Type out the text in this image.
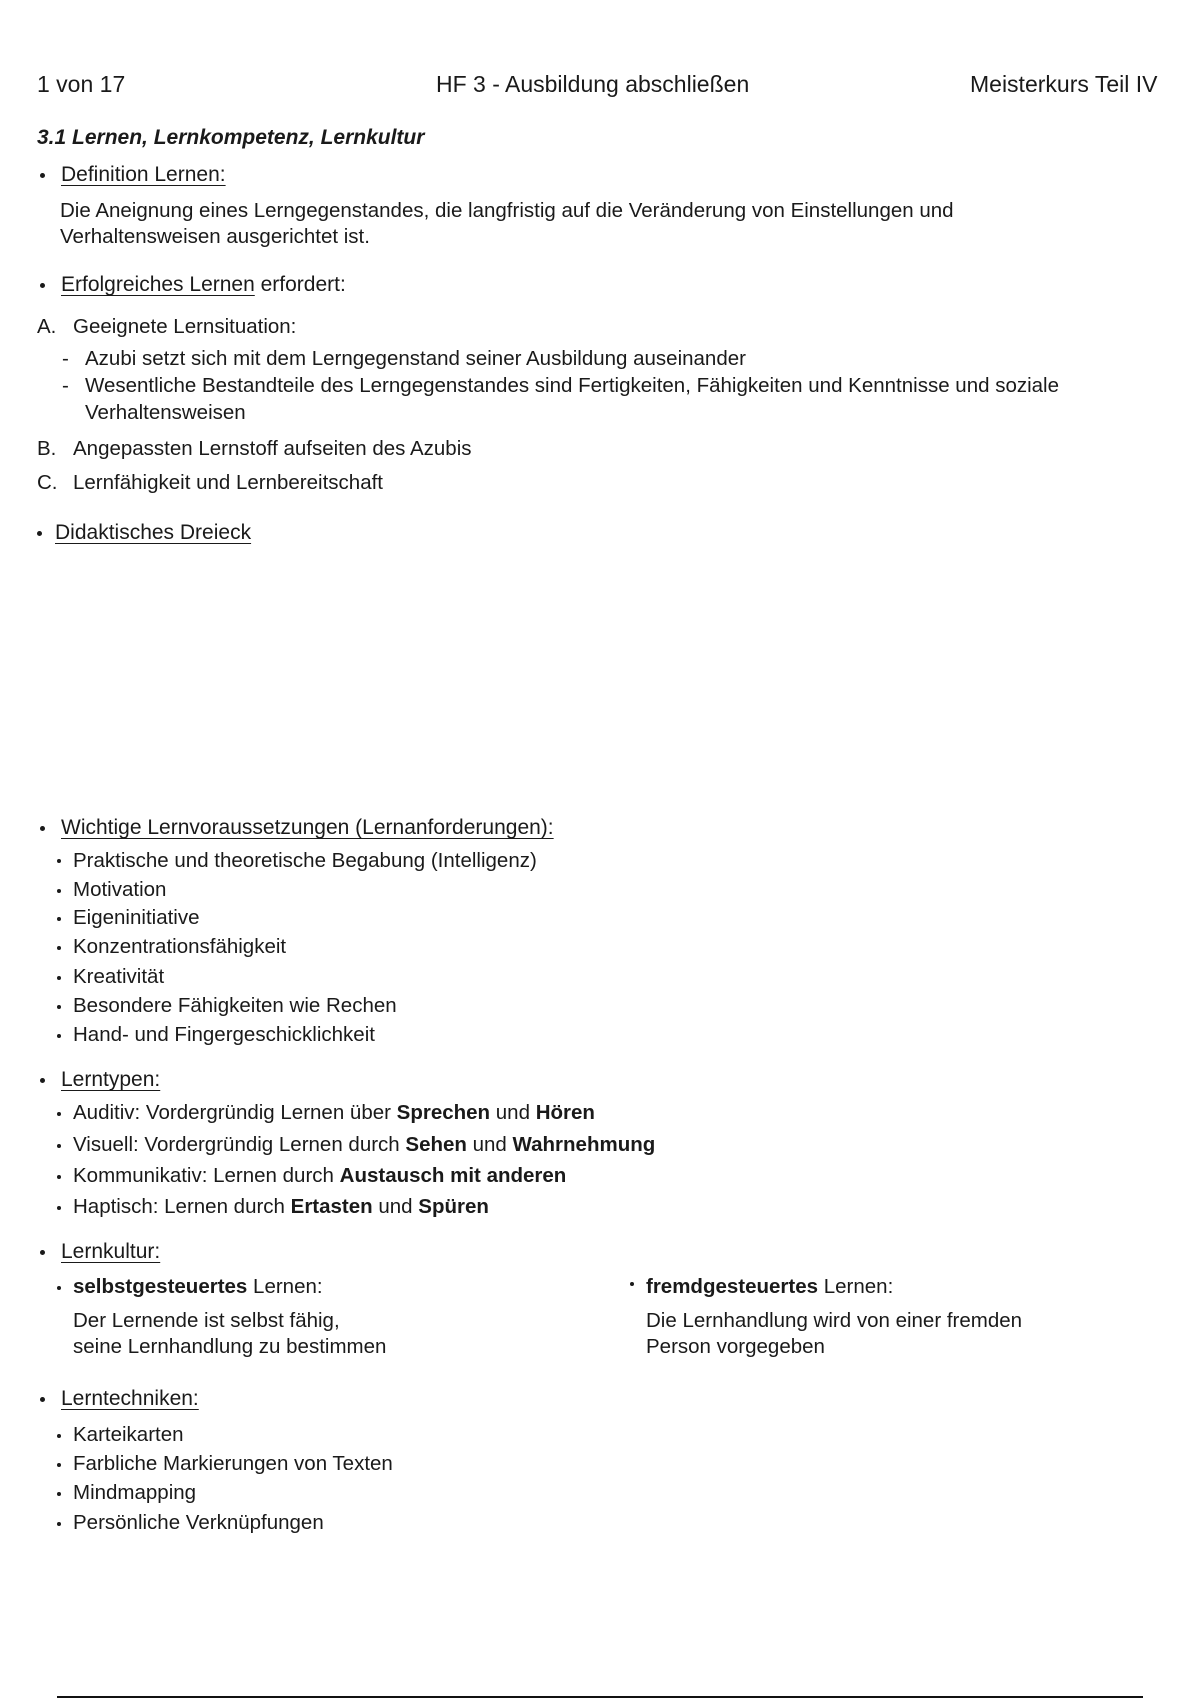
1 von 17	HF 3 - Ausbildung abschließen	Meisterkurs Teil IV
3.1 Lernen, Lernkompetenz, Lernkultur
Definition Lernen:
Die Aneignung eines Lerngegenstandes, die langfristig auf die Veränderung von Einstellungen und
Verhaltensweisen ausgerichtet ist.
Erfolgreiches Lernen erfordert:
A. Geeignete Lernsituation:
- Azubi setzt sich mit dem Lerngegenstand seiner Ausbildung auseinander
- Wesentliche Bestandteile des Lerngegenstandes sind Fertigkeiten, Fähigkeiten und Kenntnisse und soziale
Verhaltensweisen
B. Angepassten Lernstoff aufseiten des Azubis
C. Lernfähigkeit und Lernbereitschaft
Didaktisches Dreieck
Wichtige Lernvoraussetzungen (Lernanforderungen):
Praktische und theoretische Begabung (Intelligenz)
Motivation
Eigeninitiative
Konzentrationsfähigkeit
Kreativität
Besondere Fähigkeiten wie Rechen
Hand- und Fingergeschicklichkeit
Lerntypen:
Auditiv: Vordergründig Lernen über Sprechen und Hören
Visuell: Vordergründig Lernen durch Sehen und Wahrnehmung
Kommunikativ: Lernen durch Austausch mit anderen
Haptisch: Lernen durch Ertasten und Spüren
Lernkultur:
selbstgesteuertes Lernen:
Der Lernende ist selbst fähig,
seine Lernhandlung zu bestimmen
fremdgesteuertes Lernen:
Die Lernhandlung wird von einer fremden
Person vorgegeben
Lerntechniken:
Karteikarten
Farbliche Markierungen von Texten
Mindmapping
Persönliche Verknüpfungen
